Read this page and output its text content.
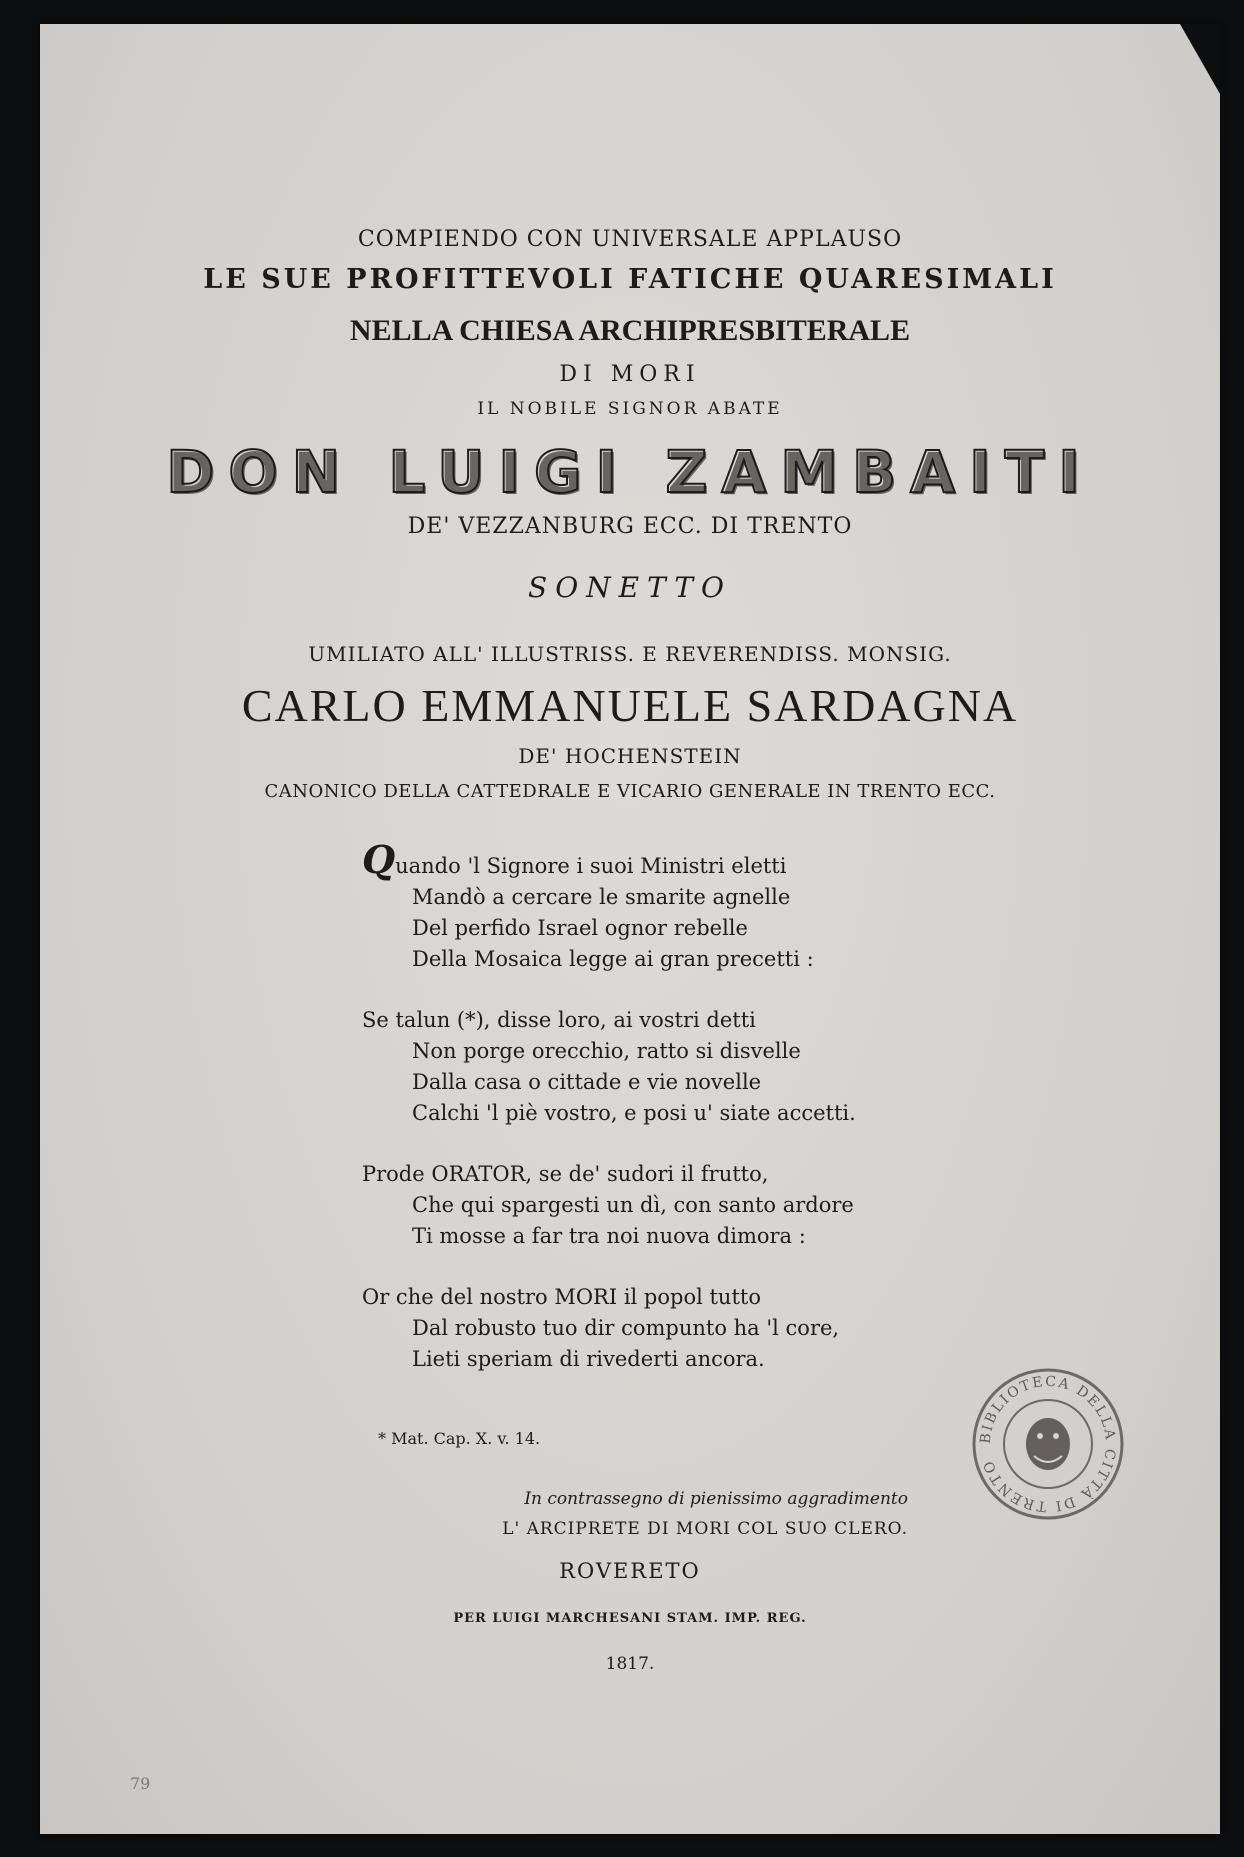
COMPIENDO CON UNIVERSALE APPLAUSO
LE SUE PROFITTEVOLI FATICHE QUARESIMALI
NELLA CHIESA ARCHIPRESBITERALE
DI MORI
IL NOBILE SIGNOR ABATE
DON LUIGI ZAMBAITI
DE' VEZZANBURG ECC. DI TRENTO
SONETTO
UMILIATO ALL' ILLUSTRISS. E REVERENDISS. MONSIG.
CARLO EMMANUELE SARDAGNA
DE' HOCHENSTEIN
CANONICO DELLA CATTEDRALE E VICARIO GENERALE IN TRENTO ECC.
Quando 'l Signore i suoi Ministri eletti
Mandò a cercare le smarite agnelle
Del perfido Israel ognor rebelle
Della Mosaica legge ai gran precetti :
Se talun (*), disse loro, ai vostri detti
Non porge orecchio, ratto si disvelle
Dalla casa o cittade e vie novelle
Calchi 'l piè vostro, e posi u' siate accetti.
Prode ORATOR, se de' sudori il frutto,
Che qui spargesti un dì, con santo ardore
Ti mosse a far tra noi nuova dimora :
Or che del nostro MORI il popol tutto
Dal robusto tuo dir compunto ha 'l core,
Lieti speriam di rivederti ancora.
* Mat. Cap. X. v. 14.
In contrassegno di pienissimo aggradimento
L' ARCIPRETE DI MORI COL SUO CLERO.
ROVERETO
PER LUIGI MARCHESANI STAM. IMP. REG.
1817.
BIBLIOTECA DELLA CITTÀ DI TRENTO
79
